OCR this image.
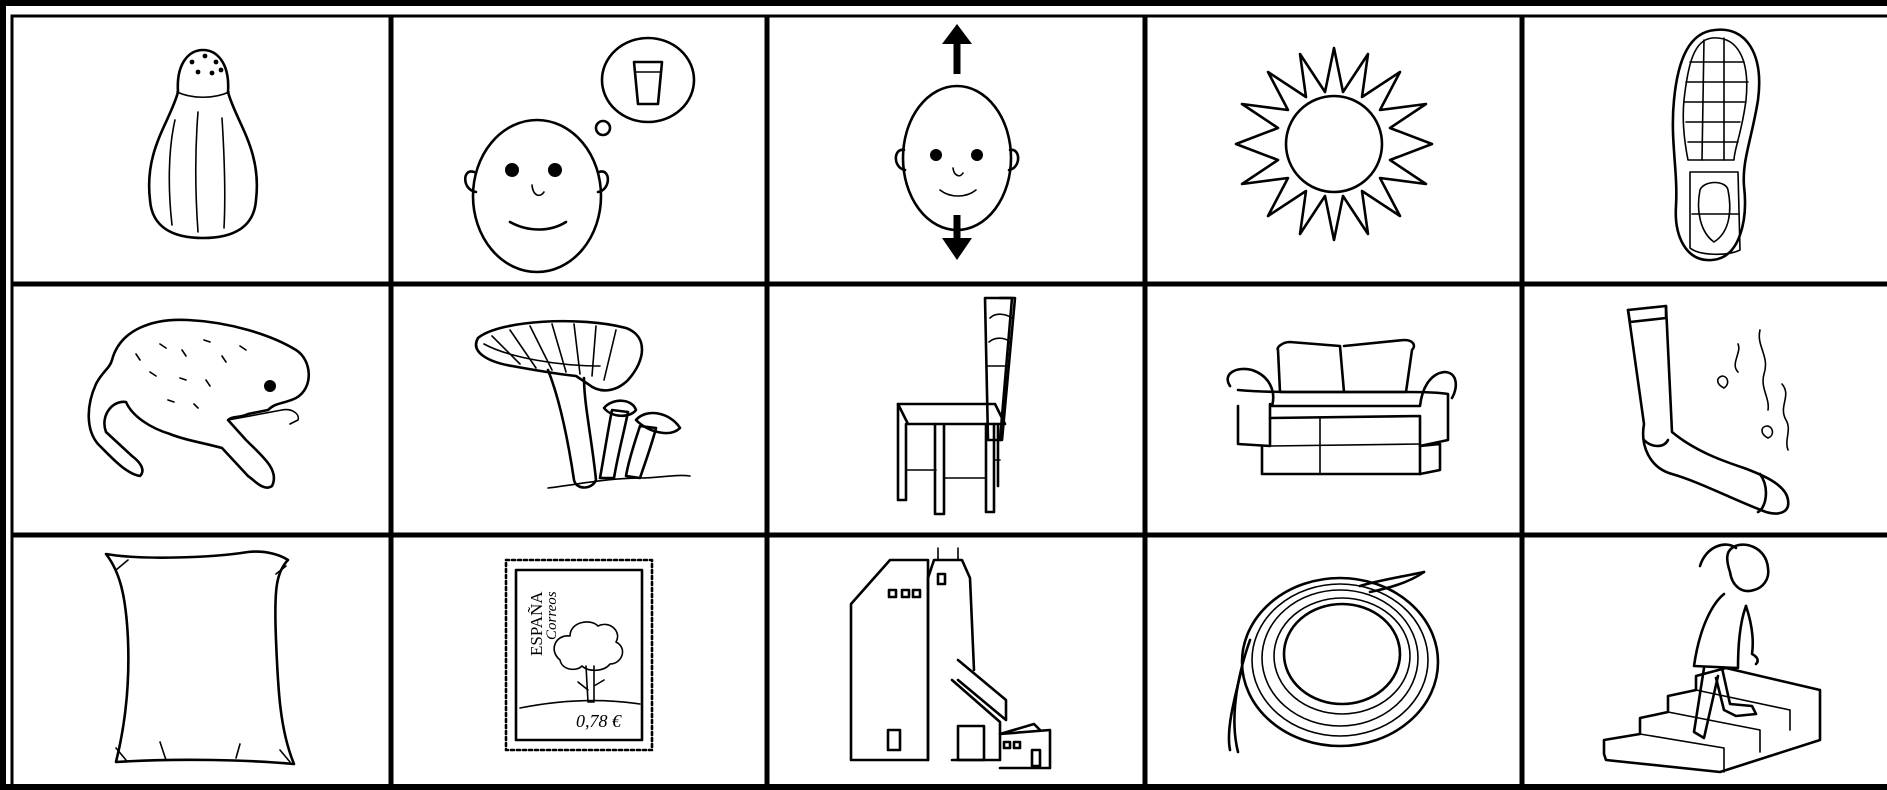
ESPAÑA
Correos
0,78 €
